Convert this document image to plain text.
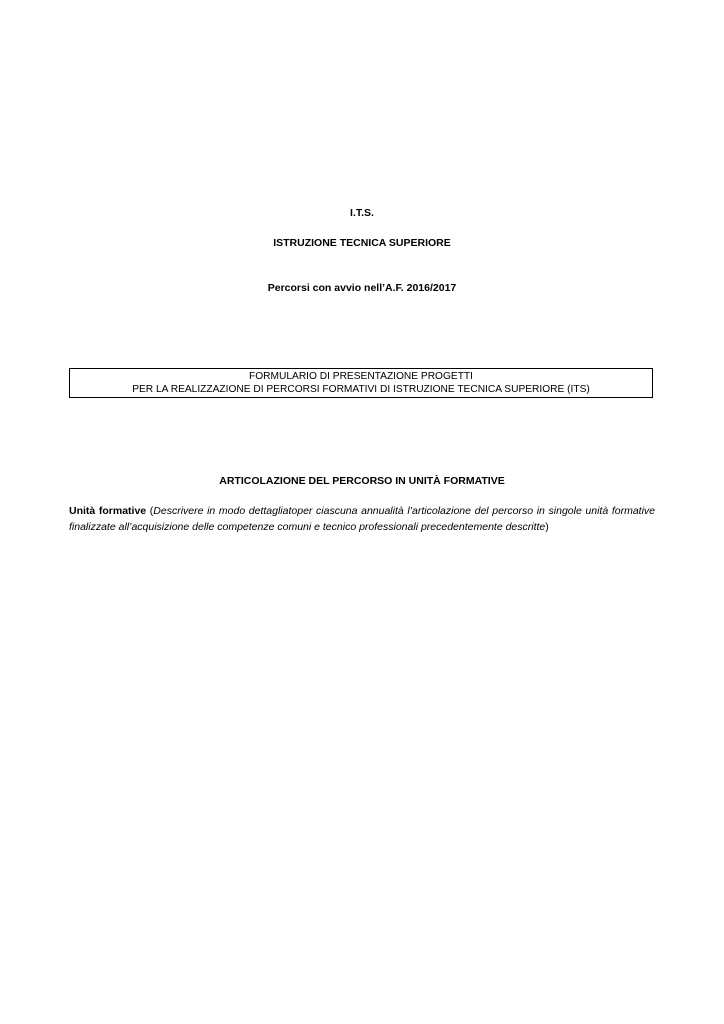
I.T.S.
ISTRUZIONE TECNICA SUPERIORE
Percorsi con avvio nell’A.F. 2016/2017
FORMULARIO DI PRESENTAZIONE PROGETTI
PER LA REALIZZAZIONE DI PERCORSI FORMATIVI DI ISTRUZIONE TECNICA SUPERIORE (ITS)
ARTICOLAZIONE DEL PERCORSO IN UNITÀ FORMATIVE
Unità formative (Descrivere in modo dettagliatoper ciascuna annualità l’articolazione del percorso in singole unità formative finalizzate all’acquisizione delle competenze comuni e tecnico professionali precedentemente descritte)
